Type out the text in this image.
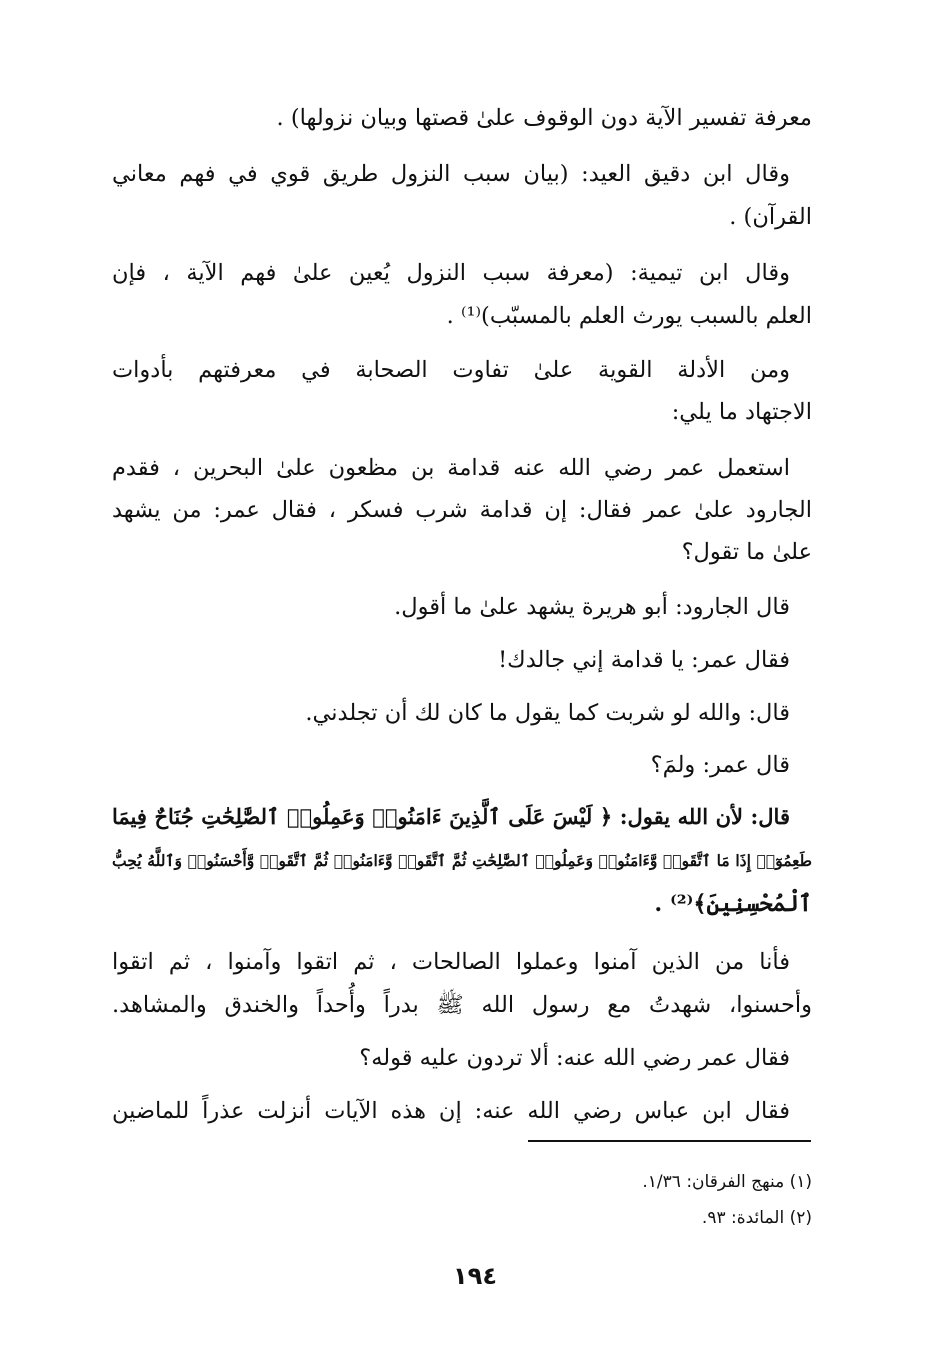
معرفة تفسير الآية دون الوقوف علىٰ قصتها وبيان نزولها) .
وقال ابن دقيق العيد: (بيان سبب النزول طريق قوي في فهم معاني
القرآن) .
وقال ابن تيمية: (معرفة سبب النزول يُعين علىٰ فهم الآية ، فإن
العلم بالسبب يورث العلم بالمسبّب)⁽¹⁾ .
ومن الأدلة القوية علىٰ تفاوت الصحابة في معرفتهم بأدوات
الاجتهاد ما يلي:
استعمل عمر رضي الله عنه قدامة بن مظعون علىٰ البحرين ، فقدم
الجارود علىٰ عمر فقال: إن قدامة شرب فسكر ، فقال عمر: من يشهد
علىٰ ما تقول؟
قال الجارود: أبو هريرة يشهد علىٰ ما أقول.
فقال عمر: يا قدامة إني جالدك!
قال: والله لو شربت كما يقول ما كان لك أن تجلدني.
قال عمر: ولمَ؟
قال: لأن الله يقول: ﴿ لَيْسَ عَلَى ٱلَّذِينَ ءَامَنُوا۟ وَعَمِلُوا۟ ٱلصَّٰلِحَٰتِ جُنَاحٌ فِيمَا
طَعِمُوٓا۟ إِذَا مَا ٱتَّقَوا۟ وَّءَامَنُوا۟ وَعَمِلُوا۟ ٱلصَّٰلِحَٰتِ ثُمَّ ٱتَّقَوا۟ وَّءَامَنُوا۟ ثُمَّ ٱتَّقَوا۟ وَّأَحْسَنُوا۟ وَٱللَّهُ يُحِبُّ
ٱلْمُحْسِنِينَ﴾⁽²⁾ .
فأنا من الذين آمنوا وعملوا الصالحات ، ثم اتقوا وآمنوا ، ثم اتقوا
وأحسنوا، شهدتُ مع رسول الله ﷺ بدراً وأُحداً والخندق والمشاهد.
فقال عمر رضي الله عنه: ألا تردون عليه قوله؟
فقال ابن عباس رضي الله عنه: إن هذه الآيات أنزلت عذراً للماضين
(١) منهج الفرقان: ١/٣٦.
(٢) المائدة: ٩٣.
١٩٤
